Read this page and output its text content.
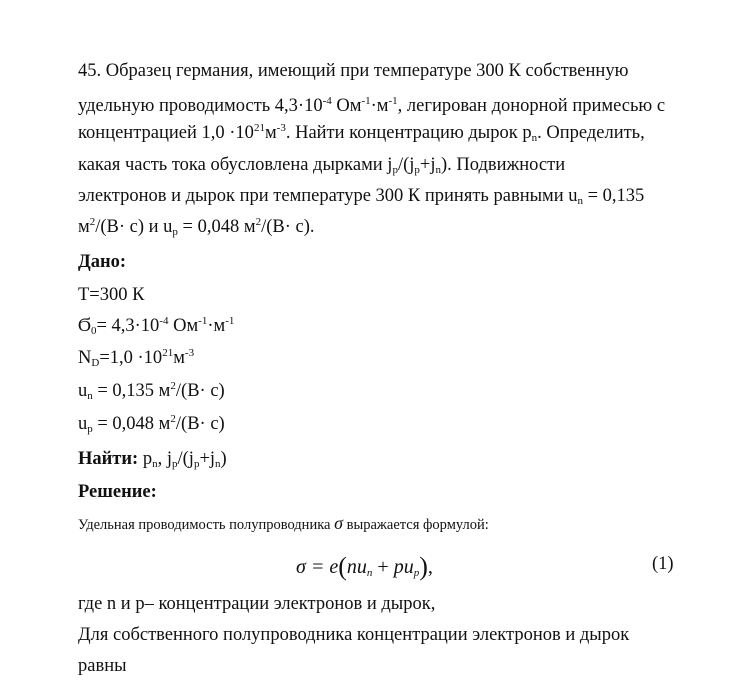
45. Образец германия, имеющий при температуре 300 К собственную
удельную проводимость $4,3\cdot 10^{-4}$ $Ом^{-1}\cdot м^{-1}$, легирован донорной примесью с
концентрацией $1,0 \cdot 10^{21}м^{-3}$. Найти концентрацию дырок $p_n$. Определить,
какая часть тока обусловлена дырками $j_p/(j_p+j_n)$. Подвижности
электронов и дырок при температуре 300 К принять равными $u_n = 0,135$
$м^2/(В\cdot с)$ и $u_p = 0,048$ $м^2/(В\cdot с)$.
Дано:
T=300 К
$Ϭ_0= 4,3\cdot 10^{-4}$ $Ом^{-1}\cdot м^{-1}$
$N_D=1,0 \cdot 10^{21}м^{-3}$
$u_n = 0,135$ $м^2/(В\cdot с)$
$u_p = 0,048$ $м^2/(В\cdot с)$
Найти: $p_n$, $j_p/(j_p+j_n)$
Решение:
Удельная проводимость полупроводника σ выражается формулой:
$\sigma = e(nu_n + pu_p)$,	(1)
где n и p– концентрации электронов и дырок,
Для собственного полупроводника концентрации электронов и дырок
равны
